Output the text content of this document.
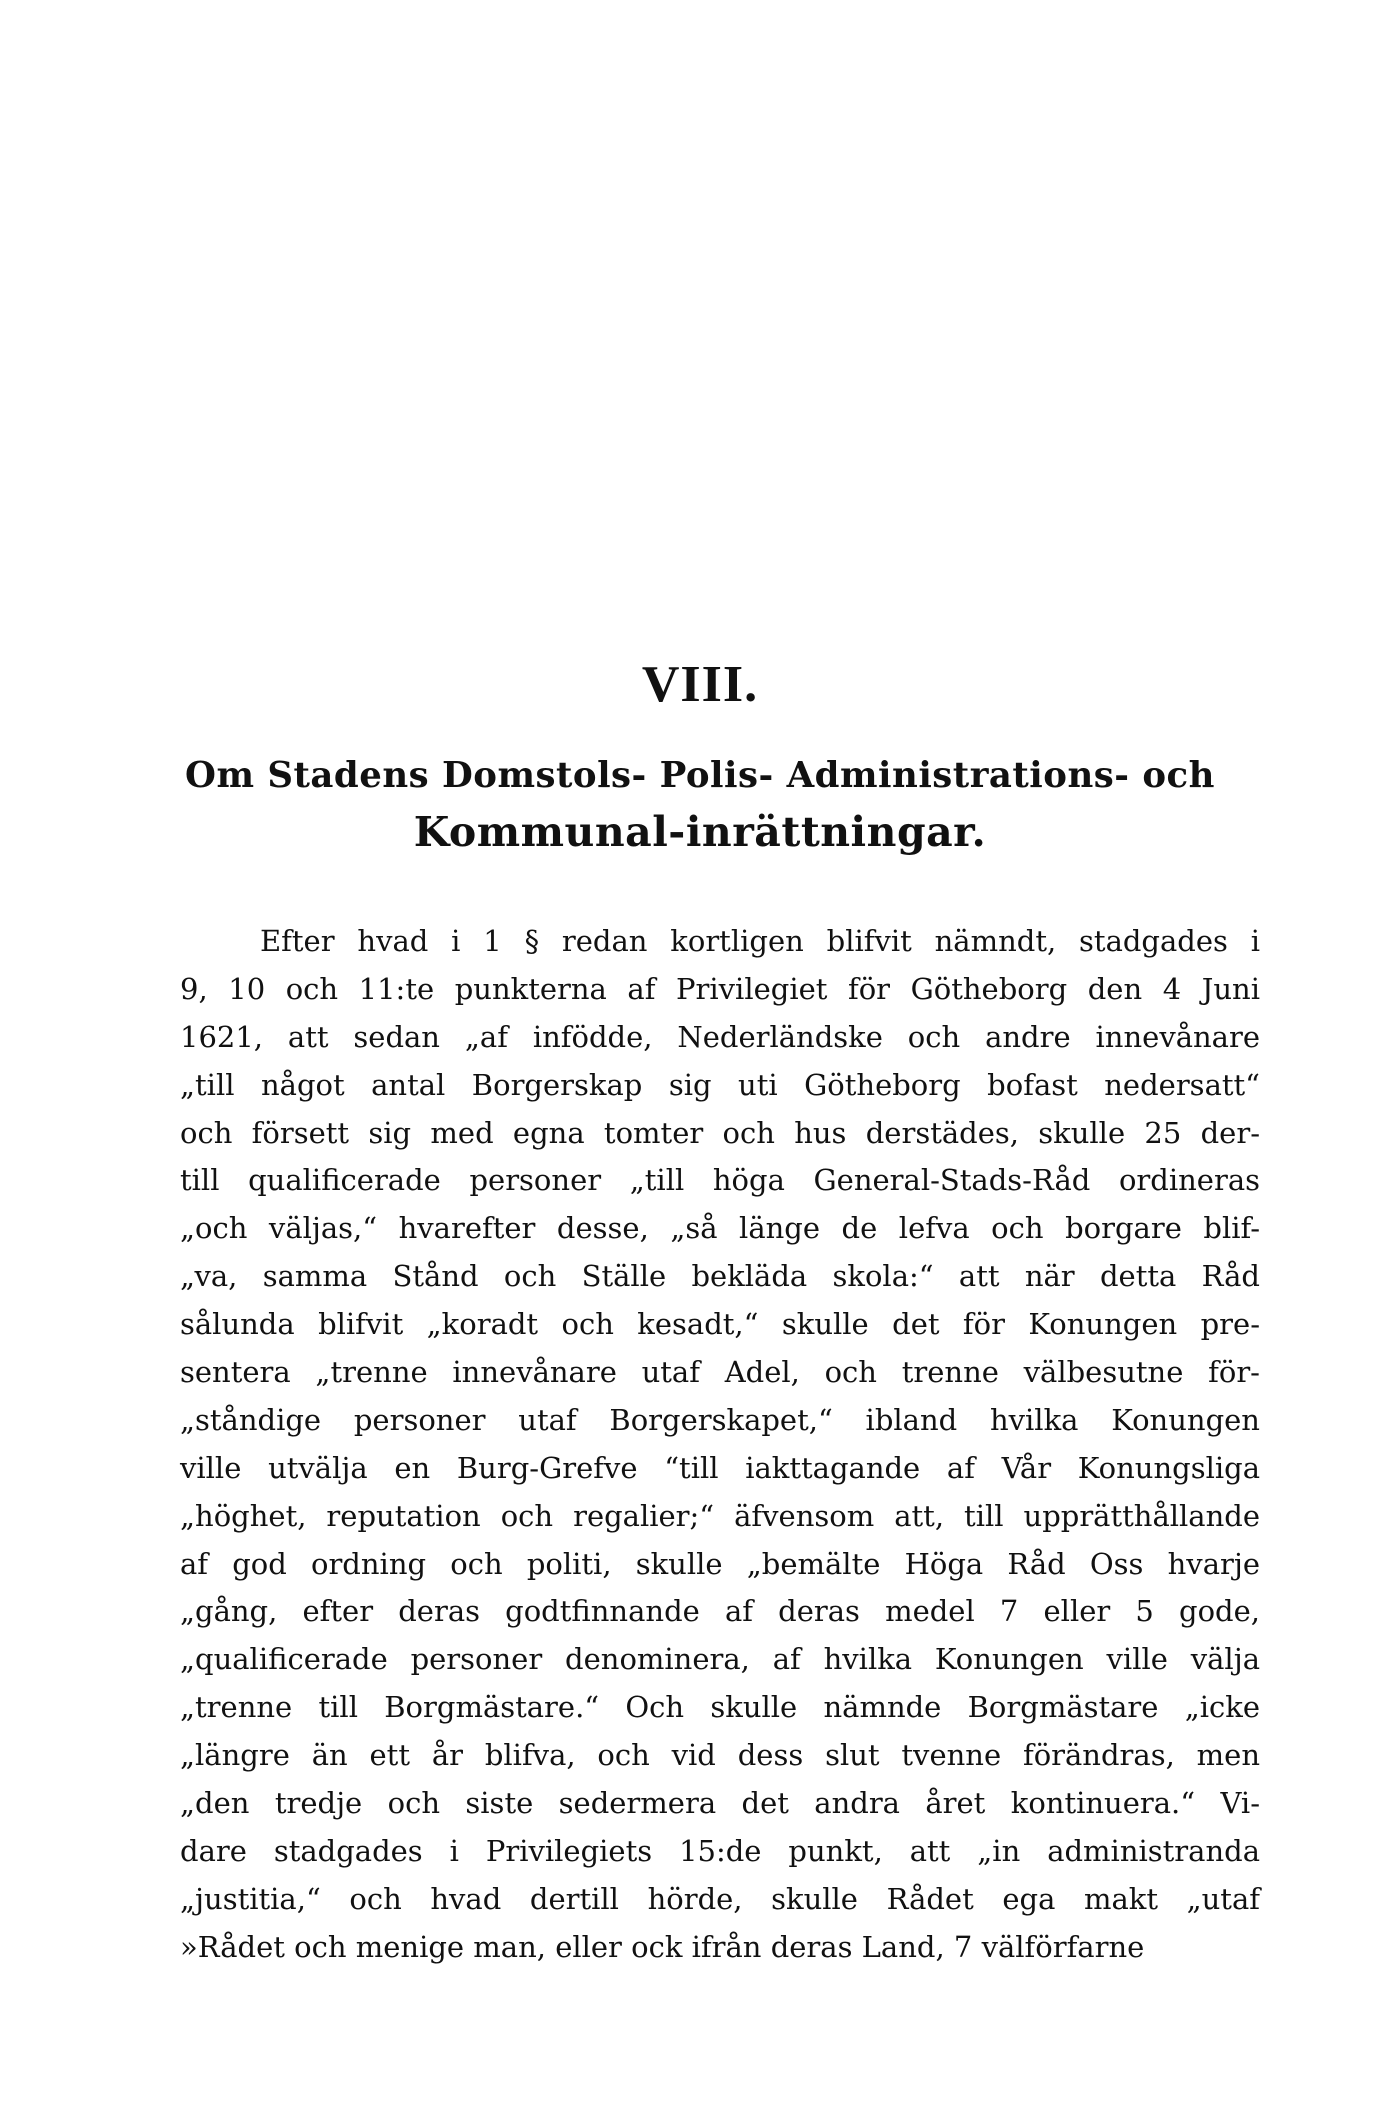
VIII.
Om Stadens Domstols- Polis- Administrations- och
Kommunal-inrättningar.
Efter hvad i 1 § redan kortligen blifvit nämndt, stadgades i
9, 10 och 11:te punkterna af Privilegiet för Götheborg den 4 Juni
1621, att sedan „af infödde, Nederländske och andre innevånare
„till något antal Borgerskap sig uti Götheborg bofast nedersatt“
och försett sig med egna tomter och hus derstädes, skulle 25 der-
till qualificerade personer „till höga General-Stads-Råd ordineras
„och väljas,“ hvarefter desse, „så länge de lefva och borgare blif-
„va, samma Stånd och Ställe bekläda skola:“ att när detta Råd
sålunda blifvit „koradt och kesadt,“ skulle det för Konungen pre-
sentera „trenne innevånare utaf Adel, och trenne välbesutne för-
„ståndige personer utaf Borgerskapet,“ ibland hvilka Konungen
ville utvälja en Burg-Grefve “till iakttagande af Vår Konungsliga
„höghet, reputation och regalier;“ äfvensom att, till upprätthållande
af god ordning och politi, skulle „bemälte Höga Råd Oss hvarje
„gång, efter deras godtfinnande af deras medel 7 eller 5 gode,
„qualificerade personer denominera, af hvilka Konungen ville välja
„trenne till Borgmästare.“ Och skulle nämnde Borgmästare „icke
„längre än ett år blifva, och vid dess slut tvenne förändras, men
„den tredje och siste sedermera det andra året kontinuera.“ Vi-
dare stadgades i Privilegiets 15:de punkt, att „in administranda
„justitia,“ och hvad dertill hörde, skulle Rådet ega makt „utaf
»Rådet och menige man, eller ock ifrån deras Land, 7 välförfarne
